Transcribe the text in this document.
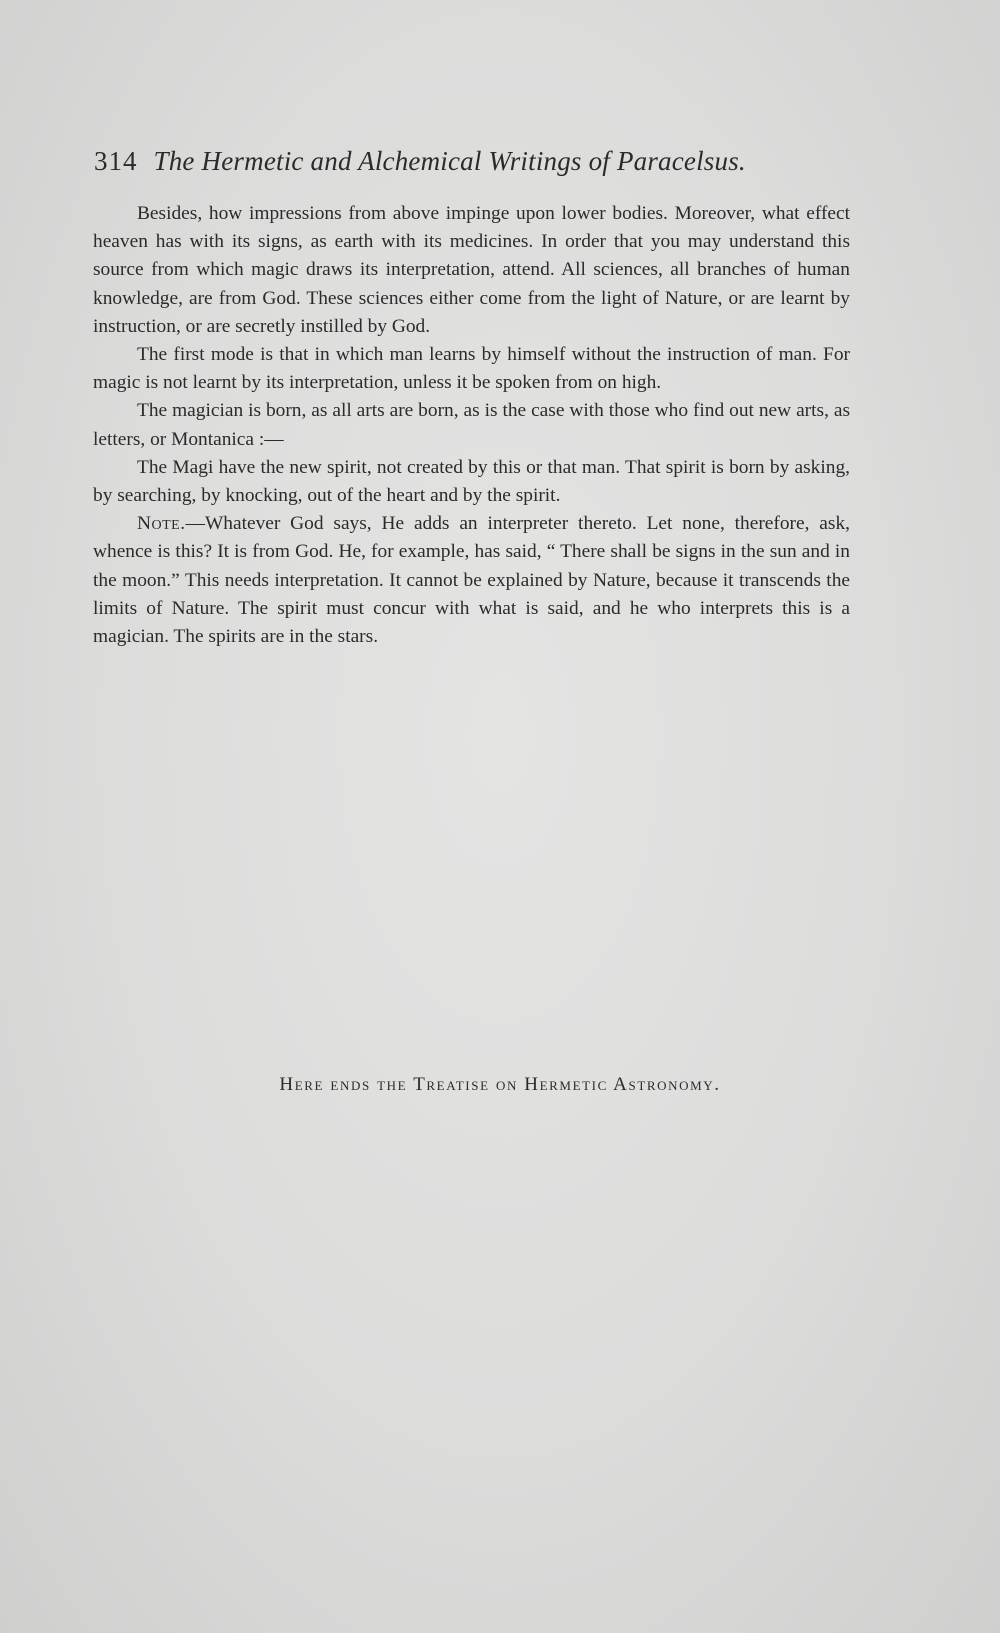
314 The Hermetic and Alchemical Writings of Paracelsus.

Besides, how impressions from above impinge upon lower bodies. Moreover, what effect heaven has with its signs, as earth with its medicines. In order that you may understand this source from which magic draws its interpretation, attend. All sciences, all branches of human knowledge, are from God. These sciences either come from the light of Nature, or are learnt by instruction, or are secretly instilled by God.

The first mode is that in which man learns by himself without the instruction of man. For magic is not learnt by its interpretation, unless it be spoken from on high.

The magician is born, as all arts are born, as is the case with those who find out new arts, as letters, or Montanica :—

The Magi have the new spirit, not created by this or that man. That spirit is born by asking, by searching, by knocking, out of the heart and by the spirit.

Note.—Whatever God says, He adds an interpreter thereto. Let none, therefore, ask, whence is this? It is from God. He, for example, has said, “ There shall be signs in the sun and in the moon.” This needs interpretation. It cannot be explained by Nature, because it transcends the limits of Nature. The spirit must concur with what is said, and he who interprets this is a magician. The spirits are in the stars.

Here ends the Treatise on Hermetic Astronomy.
